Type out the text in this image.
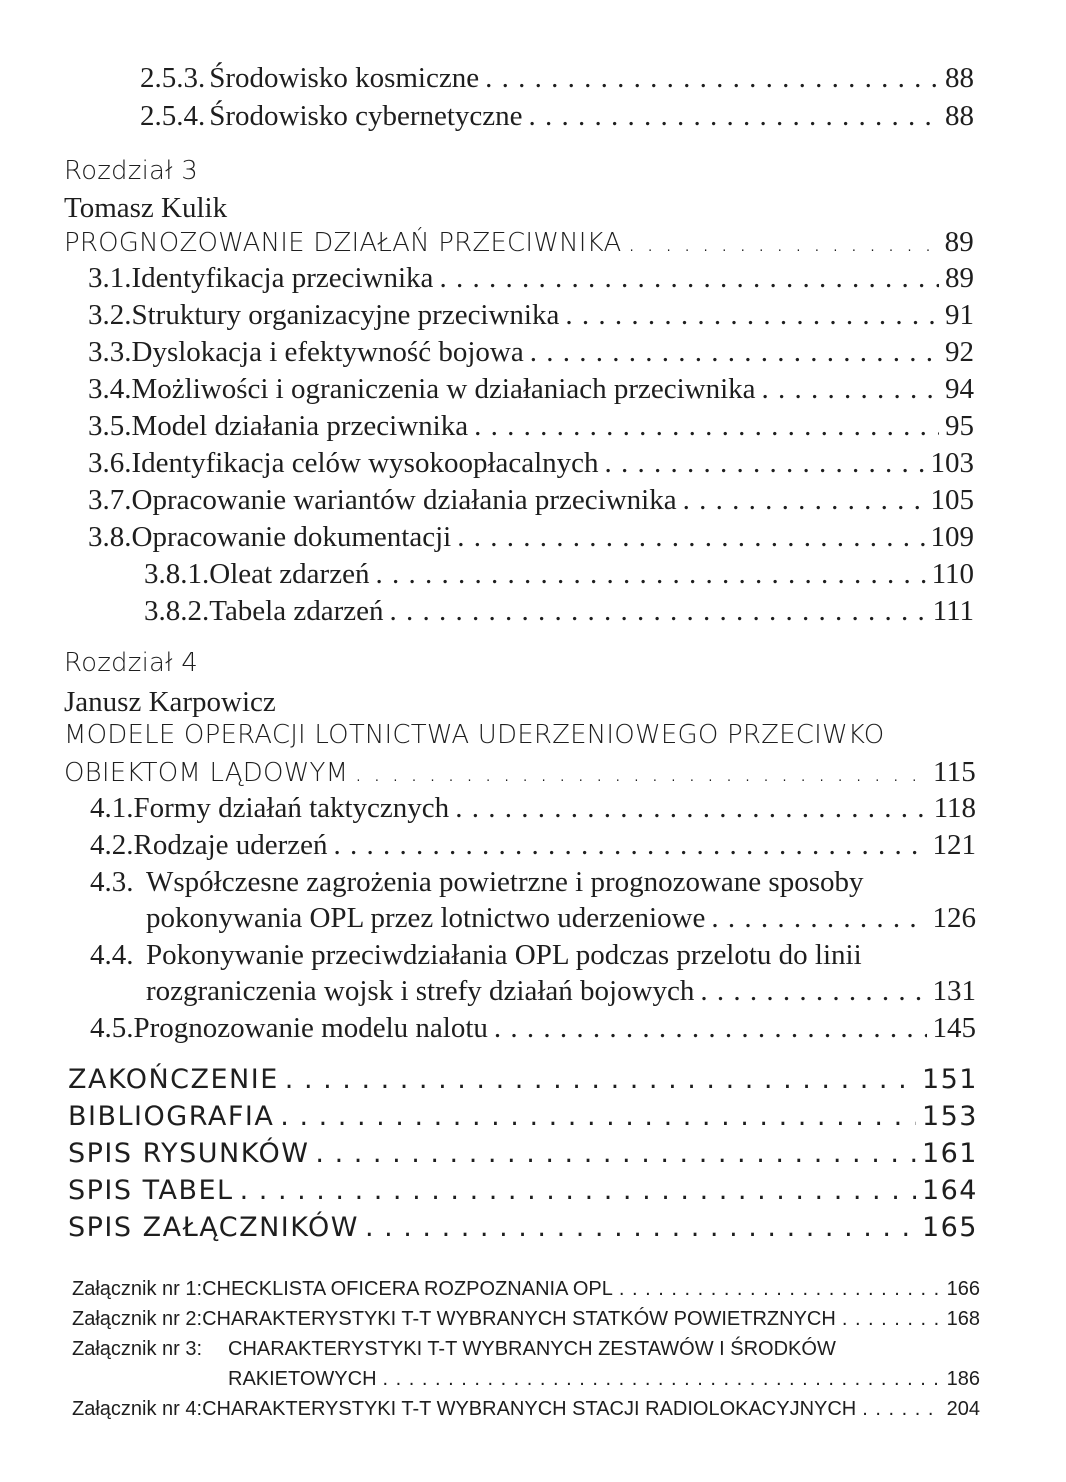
2.5.3. Środowisko kosmiczne . . .	88
2.5.4. Środowisko cybernetyczne . . .	88
Rozdział 3
Tomasz Kulik
PROGNOZOWANIE DZIAŁAŃ PRZECIWNIKA . . .	89
3.1. Identyfikacja przeciwnika . . .	89
3.2. Struktury organizacyjne przeciwnika . . .	91
3.3. Dyslokacja i efektywność bojowa . . .	92
3.4. Możliwości i ograniczenia w działaniach przeciwnika . . .	94
3.5. Model działania przeciwnika . . .	95
3.6. Identyfikacja celów wysokoopłacalnych . . .	103
3.7. Opracowanie wariantów działania przeciwnika . . .	105
3.8. Opracowanie dokumentacji . . .	109
3.8.1. Oleat zdarzeń . . .	110
3.8.2. Tabela zdarzeń . . .	111
Rozdział 4
Janusz Karpowicz
MODELE OPERACJI LOTNICTWA UDERZENIOWEGO PRZECIWKO
OBIEKTOM LĄDOWYM . . .	115
4.1. Formy działań taktycznych . . .	118
4.2. Rodzaje uderzeń . . .	121
4.3. Współczesne zagrożenia powietrzne i prognozowane sposoby
pokonywania OPL przez lotnictwo uderzeniowe . . .	126
4.4. Pokonywanie przeciwdziałania OPL podczas przelotu do linii
rozgraniczenia wojsk i strefy działań bojowych . . .	131
4.5. Prognozowanie modelu nalotu . . .	145
ZAKOŃCZENIE . . .	151
BIBLIOGRAFIA . . .	153
SPIS RYSUNKÓW . . .	161
SPIS TABEL . . .	164
SPIS ZAŁĄCZNIKÓW . . .	165
Załącznik nr 1: CHECKLISTA OFICERA ROZPOZNANIA OPL . . .	166
Załącznik nr 2: CHARAKTERYSTYKI T-T WYBRANYCH STATKÓW POWIETRZNYCH . . .	168
Załącznik nr 3:	CHARAKTERYSTYKI T-T WYBRANYCH ZESTAWÓW I ŚRODKÓW
RAKIETOWYCH . . .	186
Załącznik nr 4: CHARAKTERYSTYKI T-T WYBRANYCH STACJI RADIOLOKACYJNYCH . . .	204
